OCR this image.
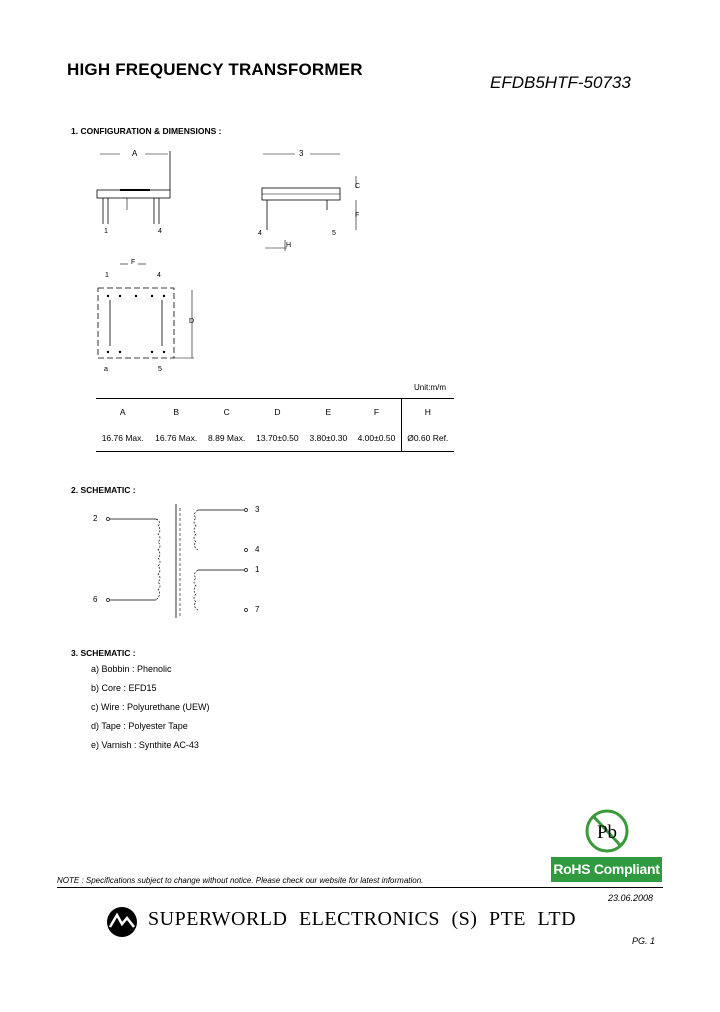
HIGH FREQUENCY TRANSFORMER
EFDB5HTF-50733
1. CONFIGURATION & DIMENSIONS :
A
1	4
3
C
F
4	5
H
F
1	4
D
a	5
Unit:m/m
A	B	C	D	E	F	H
16.76 Max.	16.76 Max.	8.89 Max.	13.70±0.50	3.80±0.30	4.00±0.50	Ø0.60 Ref.
2. SCHEMATIC :
2
6
3
4
1
7
3. SCHEMATIC :
a) Bobbin : Phenolic
b) Core : EFD15
c) Wire : Polyurethane (UEW)
d) Tape : Polyester Tape
e) Varnish : Synthite AC-43
Pb
RoHS Compliant
NOTE : Specifications subject to change without notice. Please check our website for latest information.
23.06.2008
SUPERWORLD ELECTRONICS (S) PTE LTD
PG. 1
